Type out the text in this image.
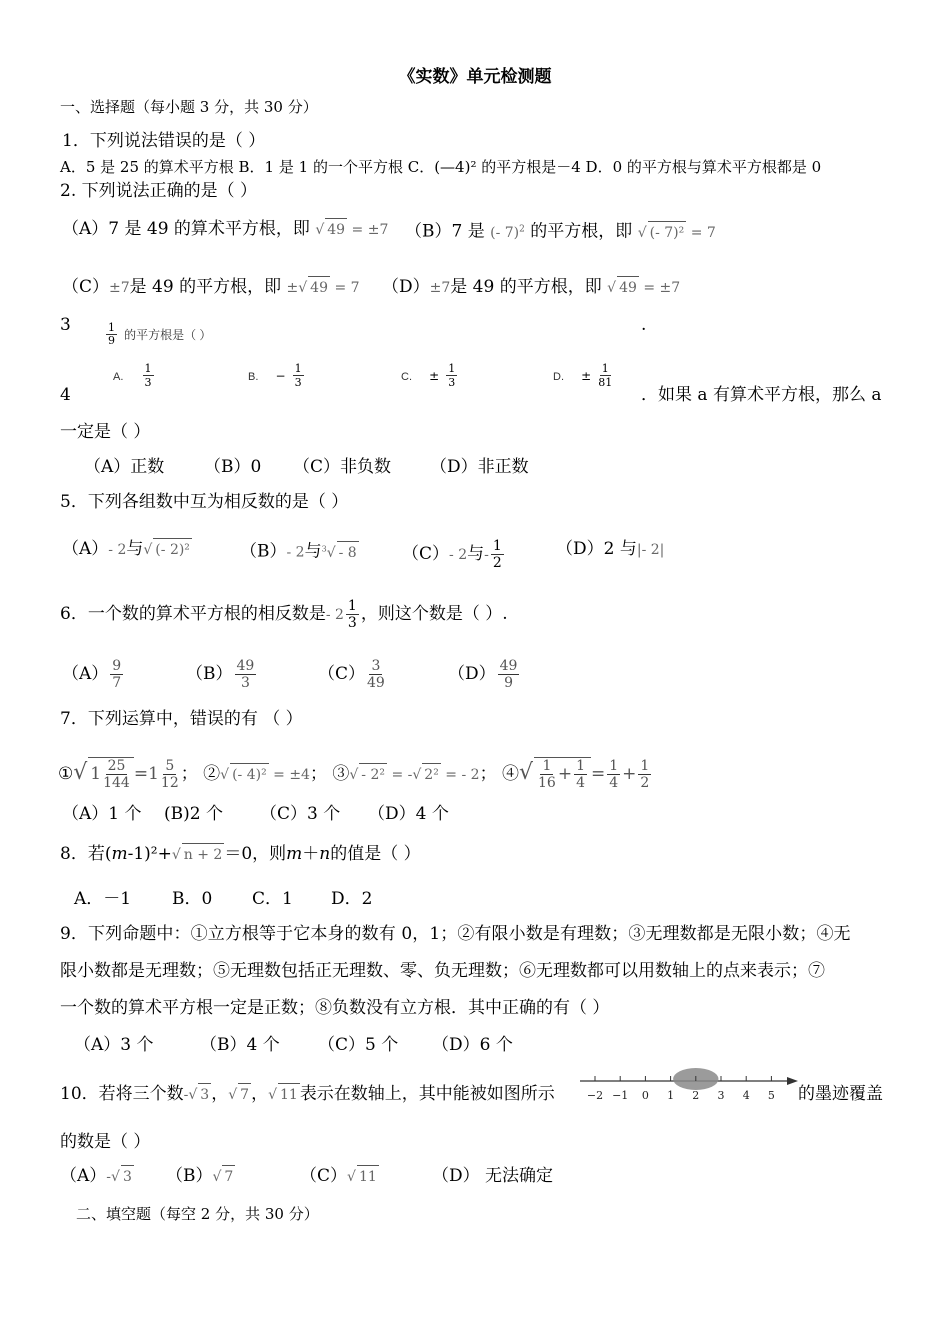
《实数》单元检测题
一、选择题（每小题 3 分，共 30 分）
1．下列说法错误的是（ ）
A．5 是 25 的算术平方根 B．1 是 1 的一个平方根 C．(—4)² 的平方根是－4 D．0 的平方根与算术平方根都是 0
2. 下列说法正确的是（ ）
（A）7 是 49 的算术平方根，即 √ 49 = ±7 （B）7 是 (- 7)$^2$ 的平方根，即 √ (- 7)² = 7
（C）±7是 49 的平方根，即 ±√ 49 = 7 （D）±7是 49 的平方根，即 √ 49 = ±7
3	$\frac{1}{9}$ 的平方根是（ ）	.
A. $\frac{1}{3}$	B. − $\frac{1}{3}$	C. ± $\frac{1}{3}$	D. ± $\frac{1}{81}$
4	．如果 a 有算术平方根，那么 a
一定是（ ）
（A）正数 （B）0 （C）非负数 （D）非正数
5．下列各组数中互为相反数的是（ ）
（A）- 2与√ (- 2)²	（B）- 2与$^3$√ - 8	（C）- 2与- $\frac{1}{2}$	（D）2 与|- 2|
6．一个数的算术平方根的相反数是- $2 \frac{1}{3}$ ，则这个数是（ ）.
$(A) \frac{9}{7}$	$(B) \frac{49}{3}$	$(C) \frac{3}{49}$	$(D) \frac{49}{9}$
7．下列运算中，错误的有 （ ）
①√ $1 \frac{25}{144} =1 \frac{5}{12}$ ； ②√ (- 4)² = ±4； ③√ - 2² = -√ 2² = - 2； ④√ $\frac{1}{16} + \frac{1}{4} = \frac{1}{4} + \frac{1}{2}$
（A）1 个 (B)2 个 （C）3 个 （D）4 个
8．若(m-1)²+√ n + 2 ＝0，则m＋n的值是（ ）
A．－1 B．0 C．1 D．2
9．下列命题中：①立方根等于它本身的数有 0，1；②有限小数是有理数；③无理数都是无限小数；④无
限小数都是无理数；⑤无理数包括正无理数、零、负无理数；⑥无理数都可以用数轴上的点来表示；⑦
一个数的算术平方根一定是正数；⑧负数没有立方根．其中正确的有（ ）
（A）3 个	（B）4 个 （C）5 个 （D）6 个
10．若将三个数-√ 3 ，√ 7 ，√ 11 表示在数轴上，其中能被如图所示	−2 −1 0 1 2 3 4 5 的墨迹覆盖
的数是（ ）
（A）-√ 3 （B）√ 7	（C）√ 11	（D） 无法确定
二、填空题（每空 2 分，共 30 分）
